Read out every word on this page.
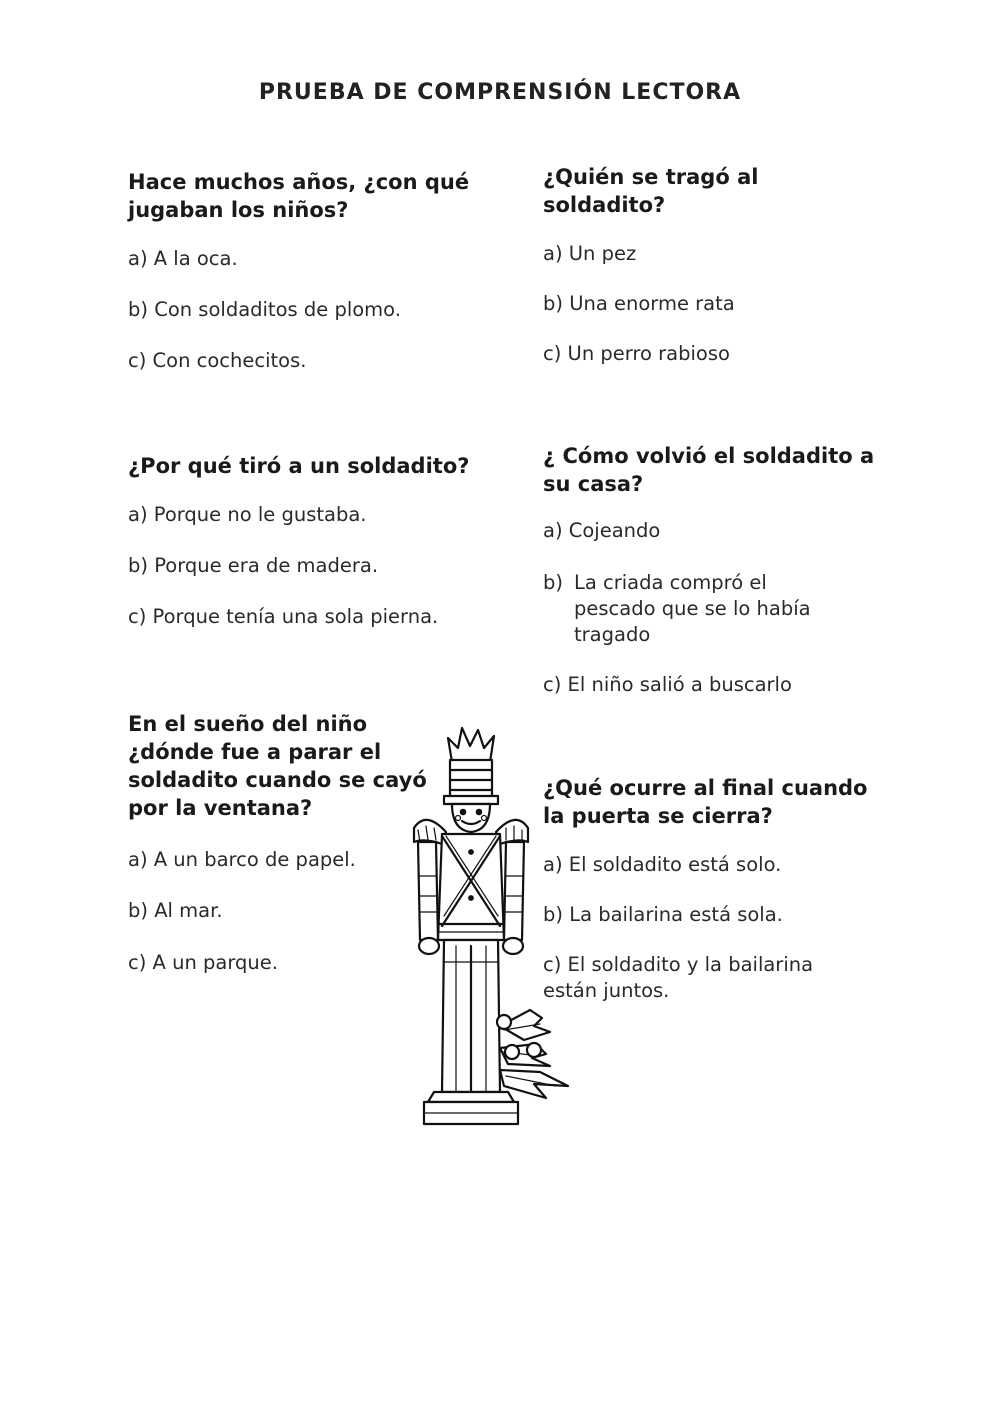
PRUEBA DE COMPRENSIÓN LECTORA

Hace muchos años, ¿con qué jugaban los niños?

a) A la oca.

b) Con soldaditos de plomo.

c) Con cochecitos.

¿Quién se tragó al soldadito?

a) Un pez

b) Una enorme rata

c) Un perro rabioso

¿Por qué tiró a un soldadito?

a) Porque no le gustaba.

b) Porque era de madera.

c) Porque tenía una sola pierna.

¿ Cómo volvió el soldadito a su casa?

a) Cojeando

b) La criada compró el pescado que se lo había tragado

c) El niño salió a buscarlo

En el sueño del niño ¿dónde fue a parar el soldadito cuando se cayó por la ventana?

a) A un barco de papel.

b) Al mar.

c) A un parque.

¿Qué ocurre al final cuando la puerta se cierra?

a) El soldadito está solo.

b) La bailarina está sola.

c) El soldadito y la bailarina están juntos.
